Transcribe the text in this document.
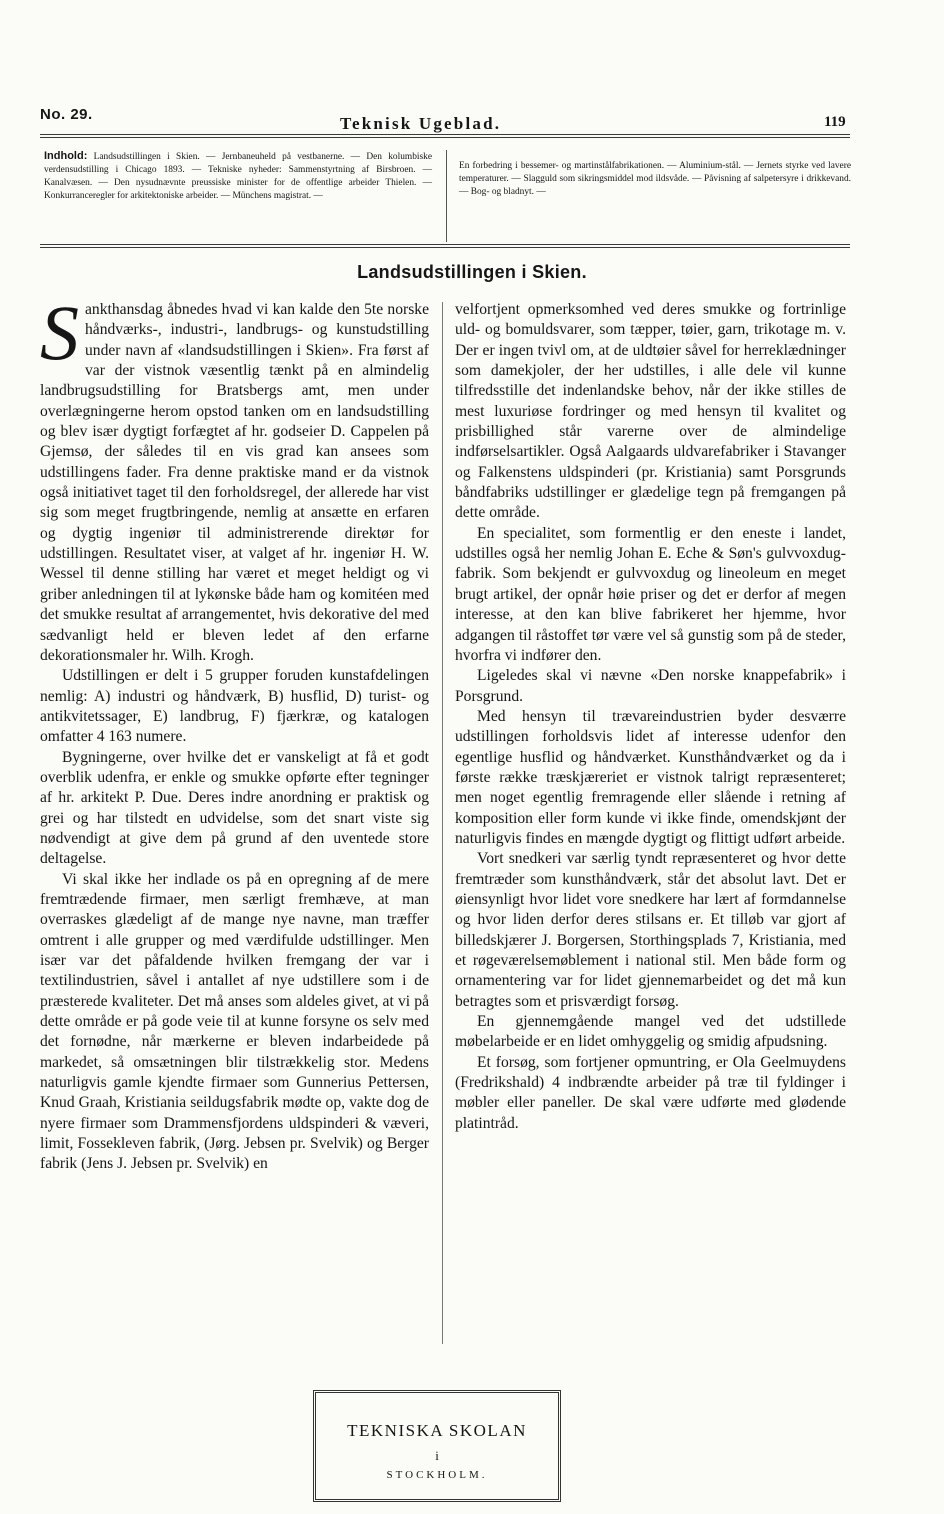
No. 29.	Teknisk Ugeblad.	119
Indhold: Landsudstillingen i Skien. — Jernbaneuheld på vestbanerne. — Den kolumbiske verdensudstilling i Chicago 1893. — Tekniske nyheder: Sammenstyrtning af Birsbroen. — Kanalvæsen. — Den nysudnævnte preussiske minister for de offentlige arbeider Thielen. — Konkurranceregler for arkitektoniske arbeider. — Münchens magistrat. —
En forbedring i bessemer- og martinstålfabrikationen. — Aluminium-stål. — Jernets styrke ved lavere temperaturer. — Slagguld som sikringsmiddel mod ildsvåde. — Påvisning af salpetersyre i drikkevand. — Bog- og bladnyt. —
Landsudstillingen i Skien.

Sankthansdag åbnedes hvad vi kan kalde den 5te norske håndværks-, industri-, landbrugs- og kunstudstilling under navn af «landsudstillingen i Skien». Fra først af var der vistnok væsentlig tænkt på en almindelig landbrugsudstilling for Bratsbergs amt, men under overlægningerne herom opstod tanken om en landsudstilling og blev især dygtigt forfægtet af hr. godseier D. Cappelen på Gjemsø, der således til en vis grad kan ansees som udstillingens fader. Fra denne praktiske mand er da vistnok også initiativet taget til den forholdsregel, der allerede har vist sig som meget frugtbringende, nemlig at ansætte en erfaren og dygtig ingeniør til administrerende direktør for udstillingen. Resultatet viser, at valget af hr. ingeniør H. W. Wessel til denne stilling har været et meget heldigt og vi griber anledningen til at lykønske både ham og komitéen med det smukke resultat af arrangementet, hvis dekorative del med sædvanligt held er bleven ledet af den erfarne dekorationsmaler hr. Wilh. Krogh.

Udstillingen er delt i 5 grupper foruden kunstafdelingen nemlig: A) industri og håndværk, B) husflid, D) turist- og antikvitetssager, E) landbrug, F) fjærkræ, og katalogen omfatter 4 163 numere.

Bygningerne, over hvilke det er vanskeligt at få et godt overblik udenfra, er enkle og smukke opførte efter tegninger af hr. arkitekt P. Due. Deres indre anordning er praktisk og grei og har tilstedt en udvidelse, som det snart viste sig nødvendigt at give dem på grund af den uventede store deltagelse.

Vi skal ikke her indlade os på en opregning af de mere fremtrædende firmaer, men særligt fremhæve, at man overraskes glædeligt af de mange nye navne, man træffer omtrent i alle grupper og med værdifulde udstillinger. Men især var det påfaldende hvilken fremgang der var i textilindustrien, såvel i antallet af nye udstillere som i de præsterede kvaliteter. Det må anses som aldeles givet, at vi på dette område er på gode veie til at kunne forsyne os selv med det fornødne, når mærkerne er bleven indarbeidede på markedet, så omsætningen blir tilstrækkelig stor. Medens naturligvis gamle kjendte firmaer som Gunnerius Pettersen, Knud Graah, Kristiania seildugsfabrik mødte op, vakte dog de nyere firmaer som Drammensfjordens uldspinderi & væveri, limit, Fossekleven fabrik, (Jørg. Jebsen pr. Svelvik) og Berger fabrik (Jens J. Jebsen pr. Svelvik) en

velfortjent opmerksomhed ved deres smukke og fortrinlige uld- og bomuldsvarer, som tæpper, tøier, garn, trikotage m. v. Der er ingen tvivl om, at de uldtøier såvel for herreklædninger som damekjoler, der her udstilles, i alle dele vil kunne tilfredsstille det indenlandske behov, når der ikke stilles de mest luxuriøse fordringer og med hensyn til kvalitet og prisbillighed står varerne over de almindelige indførselsartikler. Også Aalgaards uldvarefabriker i Stavanger og Falkenstens uldspinderi (pr. Kristiania) samt Porsgrunds båndfabriks udstillinger er glædelige tegn på fremgangen på dette område.

En specialitet, som formentlig er den eneste i landet, udstilles også her nemlig Johan E. Eche & Søn's gulvvoxdug-fabrik. Som bekjendt er gulvvoxdug og lineoleum en meget brugt artikel, der opnår høie priser og det er derfor af megen interesse, at den kan blive fabrikeret her hjemme, hvor adgangen til råstoffet tør være vel så gunstig som på de steder, hvorfra vi indfører den.

Ligeledes skal vi nævne «Den norske knappefabrik» i Porsgrund.

Med hensyn til trævareindustrien byder desværre udstillingen forholdsvis lidet af interesse udenfor den egentlige husflid og håndværket. Kunsthåndværket og da i første række træskjæreriet er vistnok talrigt repræsenteret; men noget egentlig fremragende eller slående i retning af komposition eller form kunde vi ikke finde, omendskjønt der naturligvis findes en mængde dygtigt og flittigt udført arbeide.

Vort snedkeri var særlig tyndt repræsenteret og hvor dette fremtræder som kunsthåndværk, står det absolut lavt. Det er øiensynligt hvor lidet vore snedkere har lært af formdannelse og hvor liden derfor deres stilsans er. Et tilløb var gjort af billedskjærer J. Borgersen, Storthingsplads 7, Kristiania, med et røgeværelsemøblement i national stil. Men både form og ornamentering var for lidet gjennemarbeidet og det må kun betragtes som et prisværdigt forsøg.

En gjennemgående mangel ved det udstillede møbelarbeide er en lidet omhyggelig og smidig afpudsning.

Et forsøg, som fortjener opmuntring, er Ola Geelmuydens (Fredrikshald) 4 indbrændte arbeider på træ til fyldinger i møbler eller paneller. De skal være udførte med glødende platintråd.

TEKNISKA SKOLAN
i
STOCKHOLM.
